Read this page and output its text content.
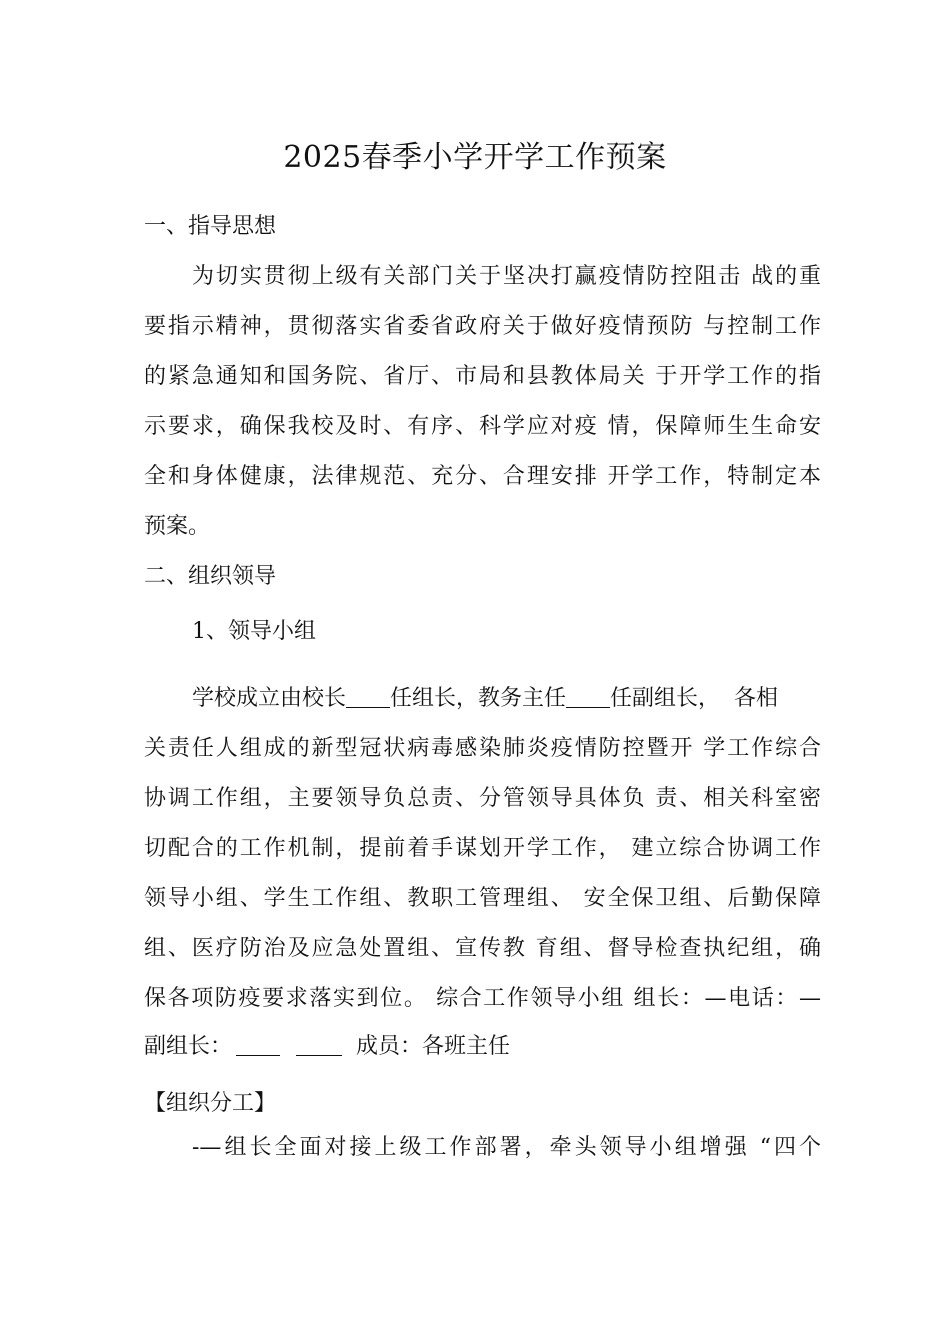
2025春季小学开学工作预案
一、指导思想
为切实贯彻上级有关部门关于坚决打赢疫情防控阻击 战的重
要指示精神，贯彻落实省委省政府关于做好疫情预防 与控制工作
的紧急通知和国务院、省厅、市局和县教体局关 于开学工作的指
示要求，确保我校及时、有序、科学应对疫 情，保障师生生命安
全和身体健康，法律规范、充分、合理安排 开学工作，特制定本
预案。
二、组织领导
1、领导小组
学校成立由校长 任组长，教务主任 任副组长，  各相
关责任人组成的新型冠状病毒感染肺炎疫情防控暨开 学工作综合
协调工作组，主要领导负总责、分管领导具体负 责、相关科室密
切配合的工作机制，提前着手谋划开学工作， 建立综合协调工作
领导小组、学生工作组、教职工管理组、 安全保卫组、后勤保障
组、医疗防治及应急处置组、宣传教 育组、督导检查执纪组，确
保各项防疫要求落实到位。 综合工作领导小组 组长：—电话：—
副组长：	成员：各班主任
【组织分工】
-—组长全面对接上级工作部署，牵头领导小组增强 “四个
